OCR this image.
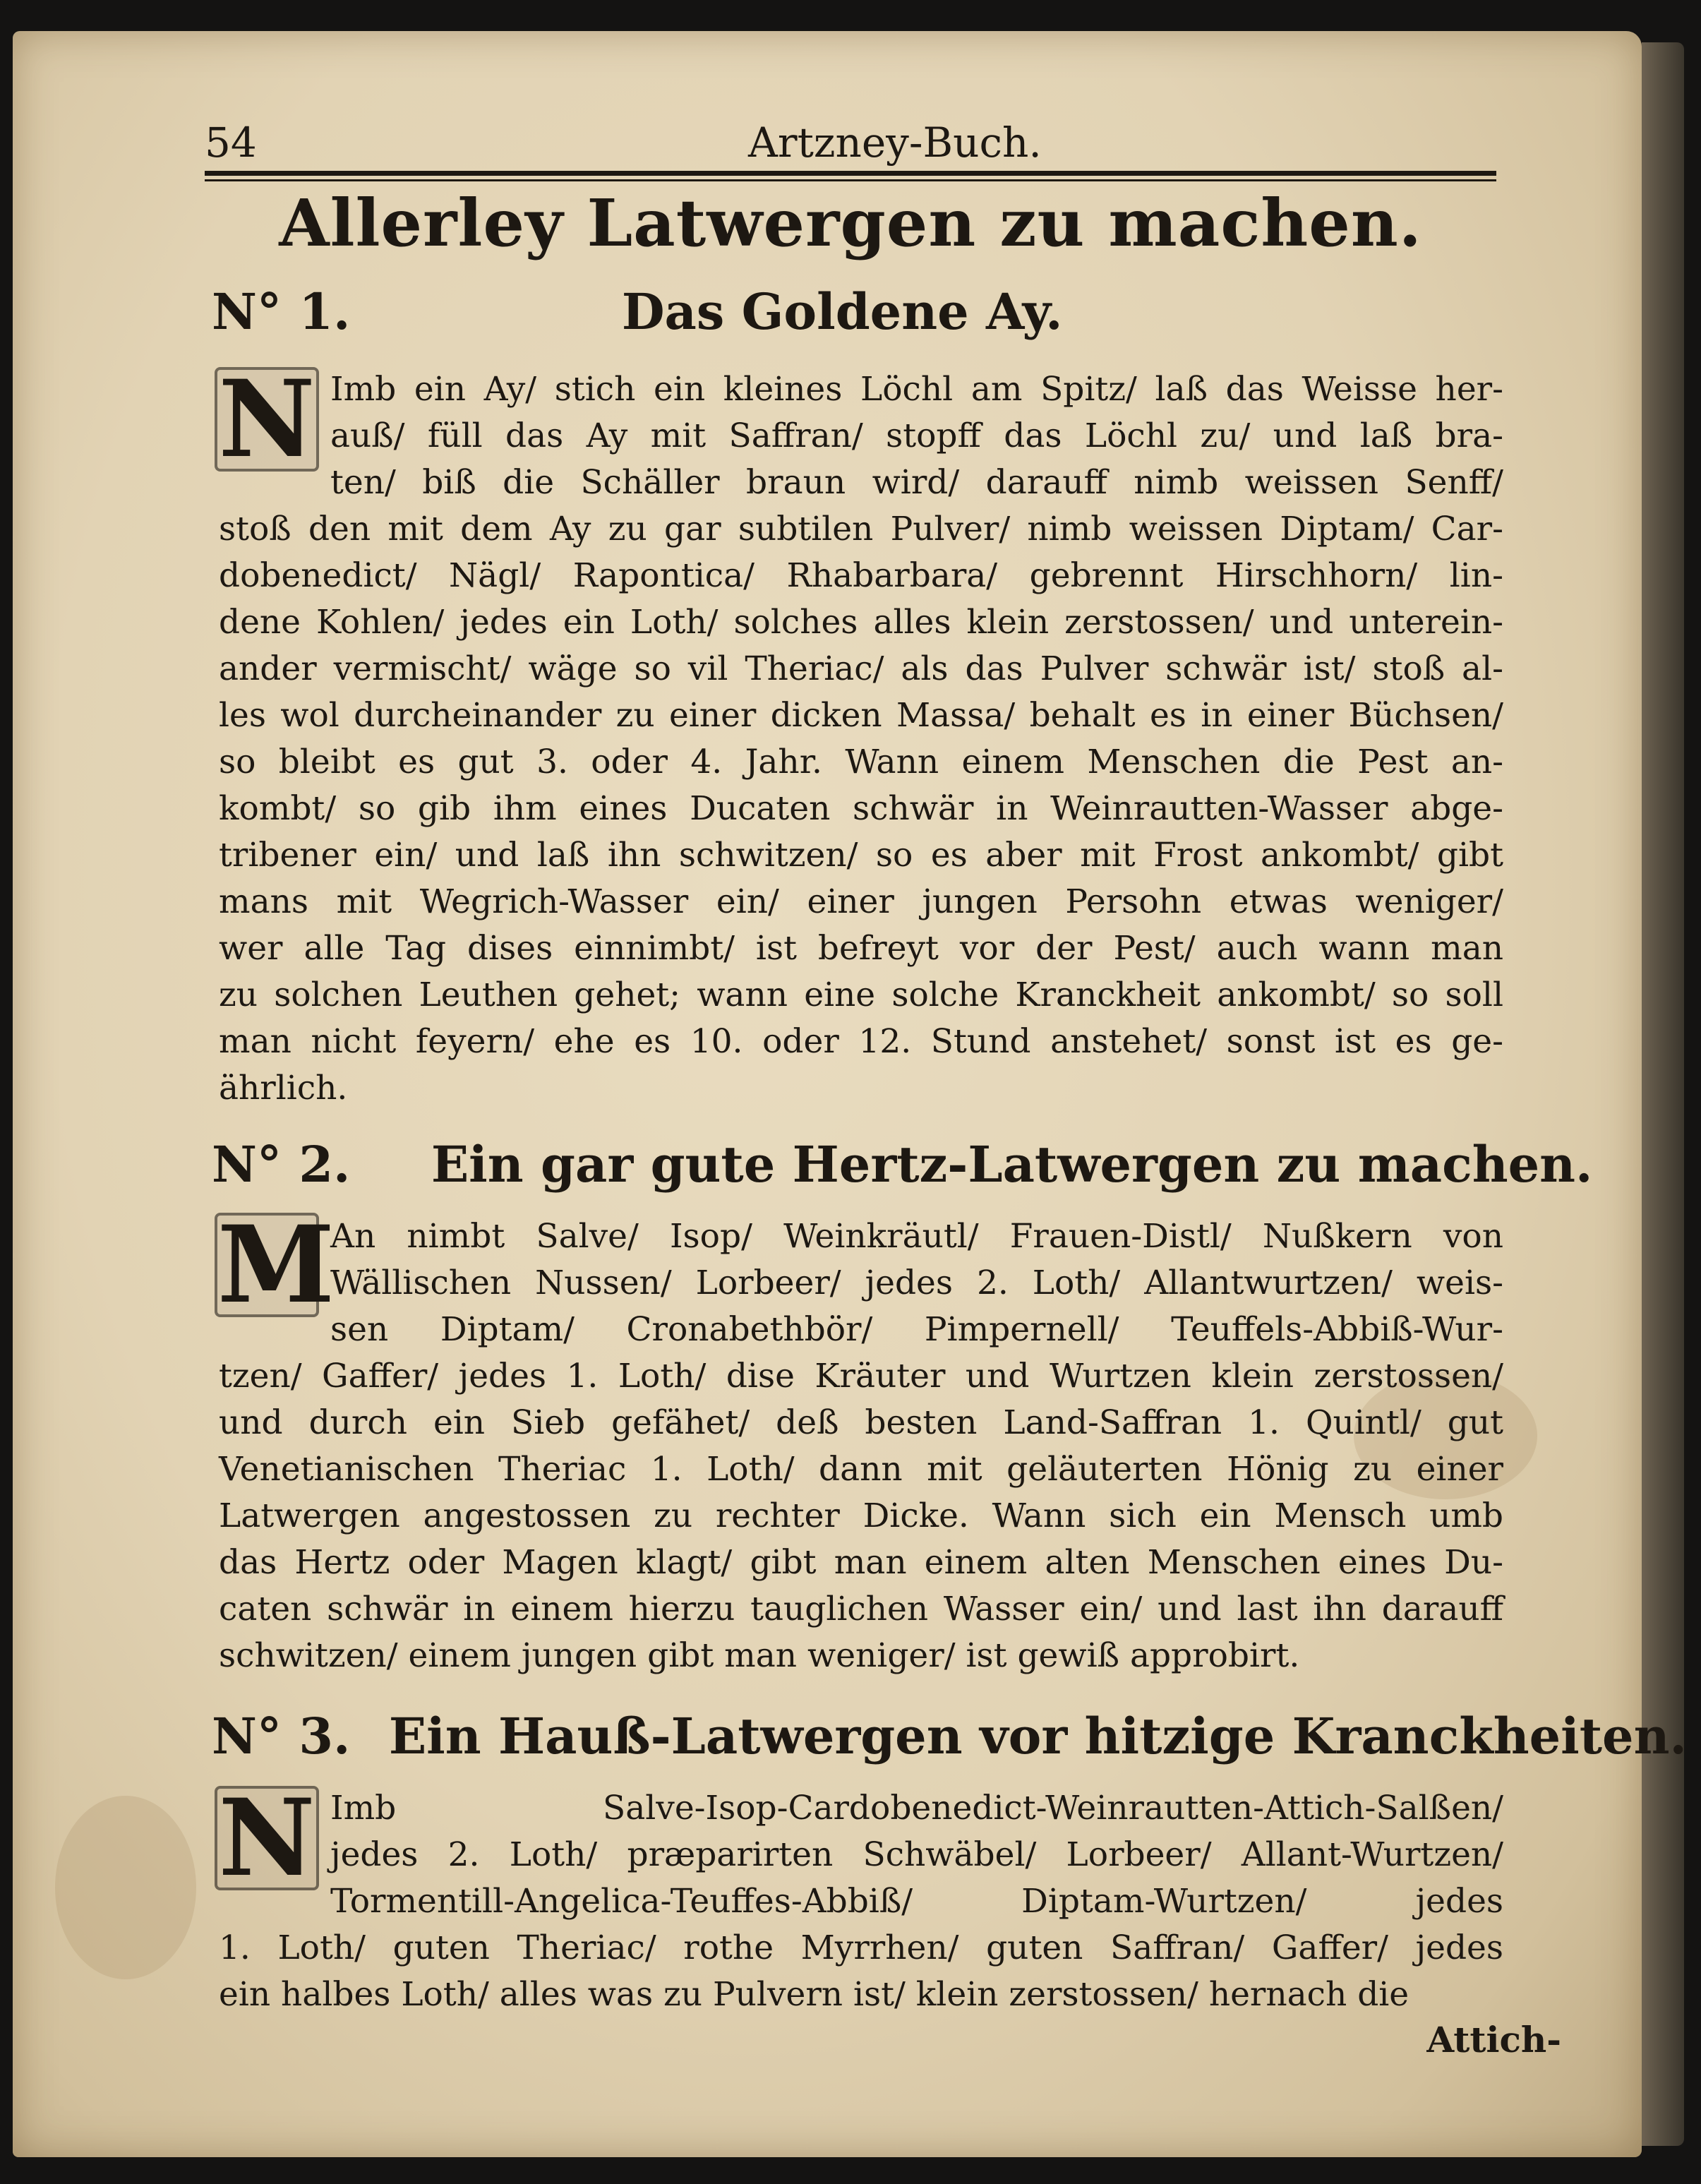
54	Artzney-Buch.
Allerley Latwergen zu machen.
N° 1.	Das Goldene Ay.
N Imb ein Ay/ stich ein kleines Löchl am Spitz/ laß das Weisse her-
auß/ füll das Ay mit Saffran/ stopff das Löchl zu/ und laß bra-
ten/ biß die Schäller braun wird/ darauff nimb weissen Senff/
stoß den mit dem Ay zu gar subtilen Pulver/ nimb weissen Diptam/ Car-
dobenedict/ Nägl/ Rapontica/ Rhabarbara/ gebrennt Hirschhorn/ lin-
dene Kohlen/ jedes ein Loth/ solches alles klein zerstossen/ und unterein-
ander vermischt/ wäge so vil Theriac/ als das Pulver schwär ist/ stoß al-
les wol durcheinander zu einer dicken Massa/ behalt es in einer Büchsen/
so bleibt es gut 3. oder 4. Jahr. Wann einem Menschen die Pest an-
kombt/ so gib ihm eines Ducaten schwär in Weinrautten-Wasser abge-
tribener ein/ und laß ihn schwitzen/ so es aber mit Frost ankombt/ gibt
mans mit Wegrich-Wasser ein/ einer jungen Persohn etwas weniger/
wer alle Tag dises einnimbt/ ist befreyt vor der Pest/ auch wann man
zu solchen Leuthen gehet; wann eine solche Kranckheit ankombt/ so soll
man nicht feyern/ ehe es 10. oder 12. Stund anstehet/ sonst ist es ge-
ährlich.
N° 2. Ein gar gute Hertz-Latwergen zu machen.
M
An nimbt Salve/ Isop/ Weinkräutl/ Frauen-Distl/ Nußkern von
Wällischen Nussen/ Lorbeer/ jedes 2. Loth/ Allantwurtzen/ weis-
sen Diptam/ Cronabethbör/ Pimpernell/ Teuffels-Abbiß-Wur-
tzen/ Gaffer/ jedes 1. Loth/ dise Kräuter und Wurtzen klein zerstossen/
und durch ein Sieb gefähet/ deß besten Land-Saffran 1. Quintl/ gut
Venetianischen Theriac 1. Loth/ dann mit geläuterten Hönig zu einer
Latwergen angestossen zu rechter Dicke. Wann sich ein Mensch umb
das Hertz oder Magen klagt/ gibt man einem alten Menschen eines Du-
caten schwär in einem hierzu tauglichen Wasser ein/ und last ihn darauff
schwitzen/ einem jungen gibt man weniger/ ist gewiß approbirt.
N° 3. Ein Hauß-Latwergen vor hitzige Kranckheiten.
N Imb Salve-Isop-Cardobenedict-Weinrautten-Attich-Salßen/
jedes 2. Loth/ præparirten Schwäbel/ Lorbeer/ Allant-Wurtzen/
Tormentill-Angelica-Teuffes-Abbiß/ Diptam-Wurtzen/ jedes
1. Loth/ guten Theriac/ rothe Myrrhen/ guten Saffran/ Gaffer/ jedes
ein halbes Loth/ alles was zu Pulvern ist/ klein zerstossen/ hernach die
Attich-
